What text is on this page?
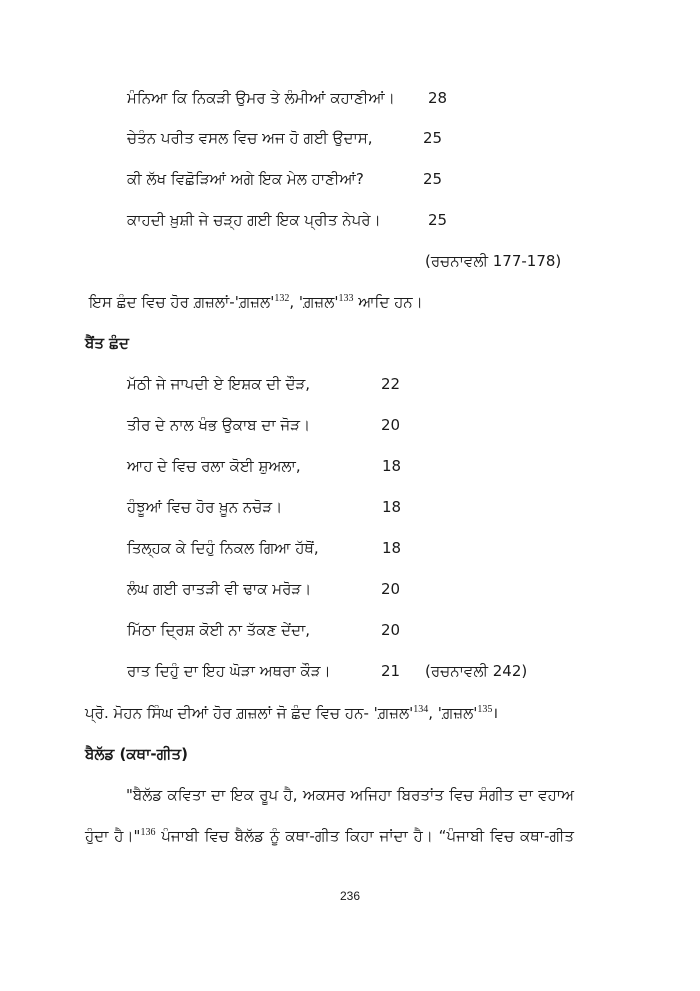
ਮੰਨਿਆ ਕਿ ਨਿਕੜੀ ਉਮਰ ਤੇ ਲੰਮੀਆਂ ਕਹਾਣੀਆਂ। 28
ਚੇਤੰਨ ਪਰੀਤ ਵਸਲ ਵਿਚ ਅਜ ਹੋ ਗਈ ਉਦਾਸ,	25
ਕੀ ਲੱਖ ਵਿਛੋੜਿਆਂ ਅਗੇ ਇਕ ਮੇਲ ਹਾਣੀਆਂ?	25
ਕਾਹਦੀ ਖ਼ੁਸ਼ੀ ਜੇ ਚੜ੍ਹ ਗਈ ਇਕ ਪ੍ਰੀਤ ਨੇਪਰੇ।	25
(ਰਚਨਾਵਲੀ 177-178)
ਇਸ ਛੰਦ ਵਿਚ ਹੋਰ $ਗ਼ਜ਼ਲਾਂ-'ਗ਼ਜ਼ਲ'^{132}$, '$ਗ਼ਜ਼ਲ'^{133}$ ਆਦਿ ਹਨ।
ਬੈਂਤ ਛੰਦ
ਮੱਠੀ ਜੇ ਜਾਪਦੀ ਏ ਇਸ਼ਕ ਦੀ ਦੌੜ,	22
ਤੀਰ ਦੇ ਨਾਲ ਖੰਭ ਉਕਾਬ ਦਾ ਜੋੜ।	20
ਆਹ ਦੇ ਵਿਚ ਰਲਾ ਕੋਈ ਸ਼ੁਅਲਾ,	18
ਹੰਝੂਆਂ ਵਿਚ ਹੋਰ ਖ਼ੂਨ ਨਚੋੜ।	18
ਤਿਲ੍ਹਕ ਕੇ ਦਿਹੁੰ ਨਿਕਲ ਗਿਆ ਹੱਥੋਂ,	18
ਲੰਘ ਗਈ ਰਾਤੜੀ ਵੀ ਢਾਕ ਮਰੋੜ।	20
ਮਿੱਠਾ ਦ੍ਰਿਸ਼ ਕੋਈ ਨਾ ਤੱਕਣ ਦੇਂਦਾ,	20
ਰਾਤ ਦਿਹੁੰ ਦਾ ਇਹ ਘੋੜਾ ਅਥਰਾ ਕੌੜ।	21 (ਰਚਨਾਵਲੀ 242)
ਪ੍ਰੋ. ਮੋਹਨ ਸਿੰਘ ਦੀਆਂ ਹੋਰ ਗ਼ਜ਼ਲਾਂ ਜੋ ਛੰਦ ਵਿਚ ਹਨ- '$ਗ਼ਜ਼ਲ'^{134}$, '$ਗ਼ਜ਼ਲ'^{135}।$
ਬੈਲੱਡ (ਕਥਾ-ਗੀਤ)
"ਬੈਲੱਡ ਕਵਿਤਾ ਦਾ ਇਕ ਰੂਪ ਹੈ, ਅਕਸਰ ਅਜਿਹਾ ਬਿਰਤਾਂਤ ਵਿਚ ਸੰਗੀਤ ਦਾ ਵਹਾਅ
ਹੁੰਦਾ ਹੈ।"$^{136}$ ਪੰਜਾਬੀ ਵਿਚ ਬੈਲੱਡ ਨੂੰ ਕਥਾ-ਗੀਤ ਕਿਹਾ ਜਾਂਦਾ ਹੈ। “ਪੰਜਾਬੀ ਵਿਚ ਕਥਾ-ਗੀਤ
236
